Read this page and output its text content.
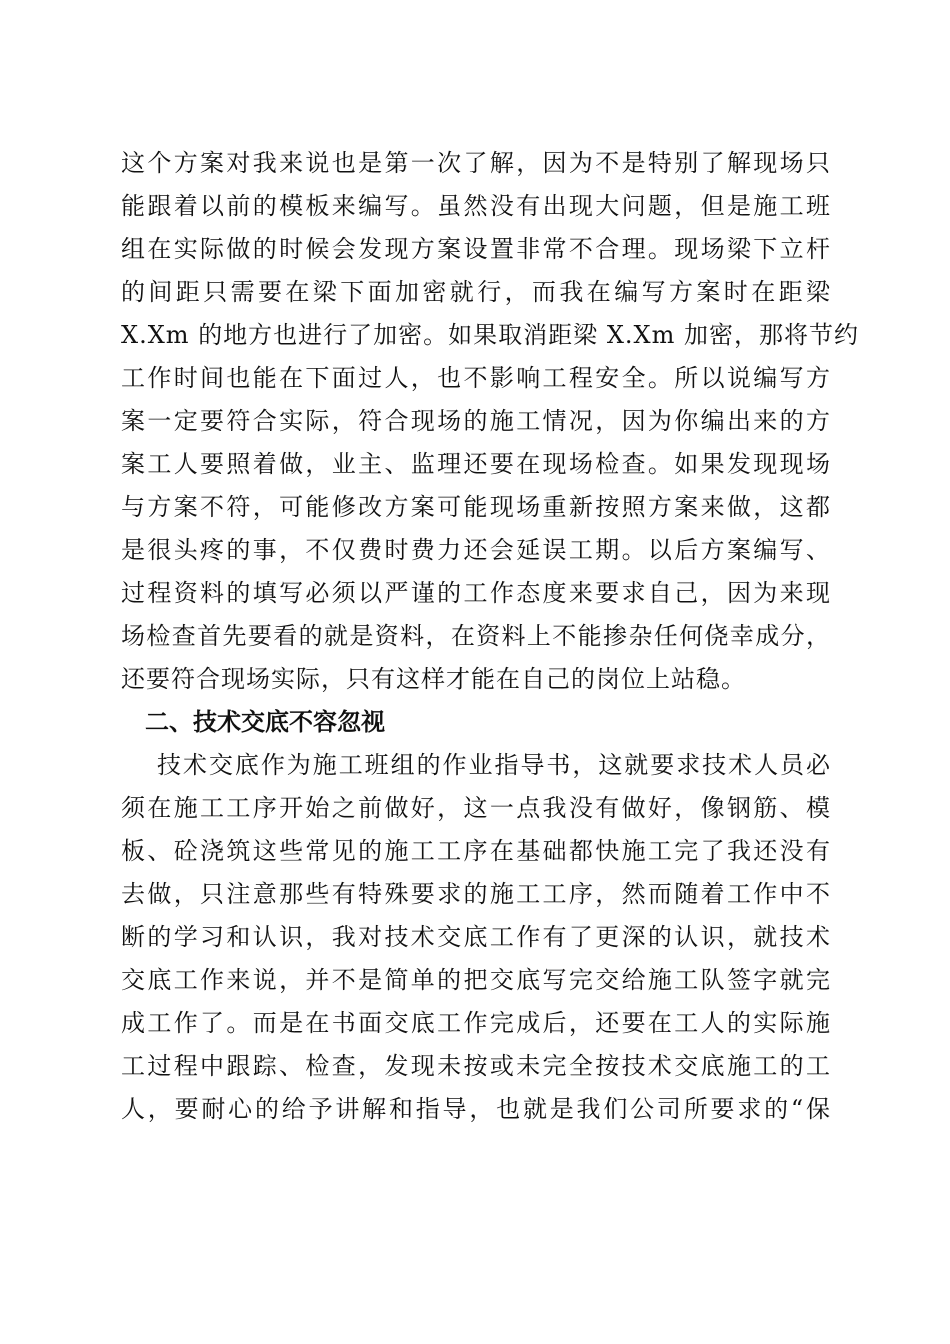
这个方案对我来说也是第一次了解，因为不是特别了解现场只
能跟着以前的模板来编写。虽然没有出现大问题，但是施工班
组在实际做的时候会发现方案设置非常不合理。现场梁下立杆
的间距只需要在梁下面加密就行，而我在编写方案时在距梁
X.Xm 的地方也进行了加密。如果取消距梁 X.Xm 加密，那将节约
工作时间也能在下面过人，也不影响工程安全。所以说编写方
案一定要符合实际，符合现场的施工情况，因为你编出来的方
案工人要照着做，业主、监理还要在现场检查。如果发现现场
与方案不符，可能修改方案可能现场重新按照方案来做，这都
是很头疼的事，不仅费时费力还会延误工期。以后方案编写、
过程资料的填写必须以严谨的工作态度来要求自己，因为来现
场检查首先要看的就是资料，在资料上不能掺杂任何侥幸成分，
还要符合现场实际，只有这样才能在自己的岗位上站稳。
二、技术交底不容忽视
技术交底作为施工班组的作业指导书，这就要求技术人员必
须在施工工序开始之前做好，这一点我没有做好，像钢筋、模
板、砼浇筑这些常见的施工工序在基础都快施工完了我还没有
去做，只注意那些有特殊要求的施工工序，然而随着工作中不
断的学习和认识，我对技术交底工作有了更深的认识，就技术
交底工作来说，并不是简单的把交底写完交给施工队签字就完
成工作了。而是在书面交底工作完成后，还要在工人的实际施
工过程中跟踪、检查，发现未按或未完全按技术交底施工的工
人，要耐心的给予讲解和指导，也就是我们公司所要求的“保
